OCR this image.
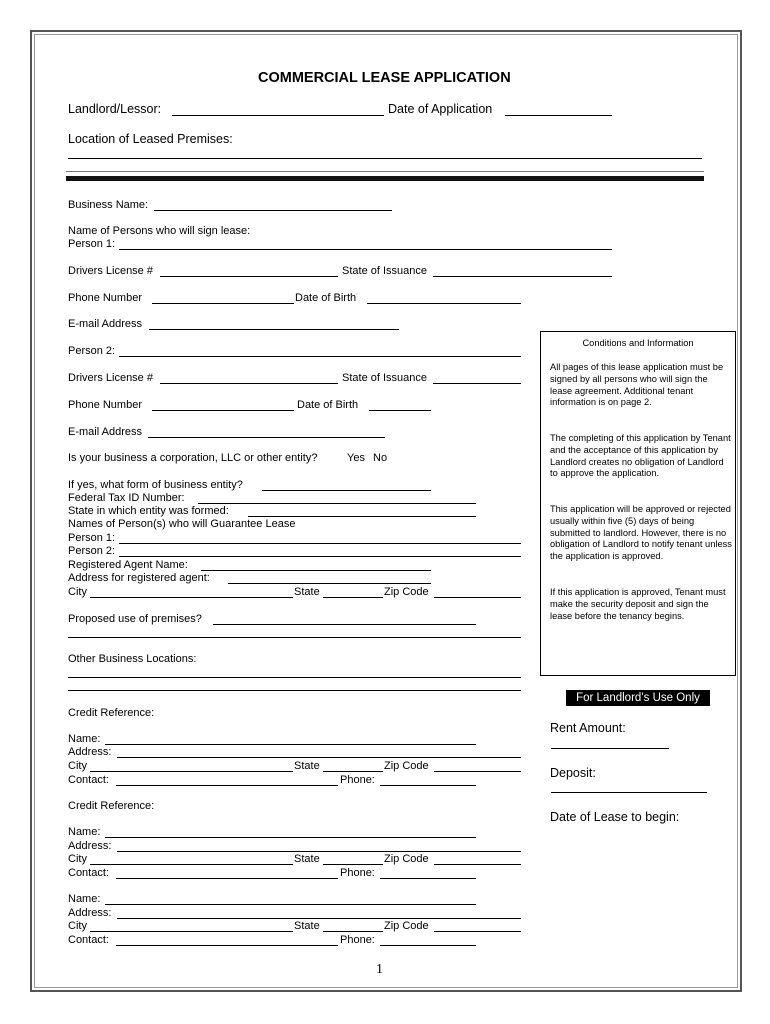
COMMERCIAL LEASE APPLICATION
Landlord/Lessor:	Date of Application
Location of Leased Premises:
Business Name:
Name of Persons who will sign lease:
Person 1:
Drivers License #	State of Issuance
Phone Number	Date of Birth
E-mail Address
Person 2:
Drivers License #	State of Issuance
Phone Number	Date of Birth
E-mail Address
Is your business a corporation, LLC or other entity?	Yes No
If yes, what form of business entity?
Federal Tax ID Number:
State in which entity was formed:
Names of Person(s) who will Guarantee Lease
Person 1:
Person 2:
Registered Agent Name:
Address for registered agent:
City	State	Zip Code
Proposed use of premises?
Other Business Locations:
Credit Reference:
Name:
Address:
City	State	Zip Code
Contact:	Phone:
Credit Reference:
Name:
Address:
City	State	Zip Code
Contact:	Phone:
Name:
Address:
City	State	Zip Code
Contact:	Phone:
Conditions and Information
All pages of this lease application must be signed by all persons who will sign the lease agreement. Additional tenant information is on page 2.
The completing of this application by Tenant and the acceptance of this application by Landlord creates no obligation of Landlord to approve the application.
This application will be approved or rejected usually within five (5) days of being submitted to landlord. However, there is no obligation of Landlord to notify tenant unless the application is approved.
If this application is approved, Tenant must make the security deposit and sign the lease before the tenancy begins.
For Landlord’s Use Only
Rent Amount:
Deposit:
Date of Lease to begin:
1
